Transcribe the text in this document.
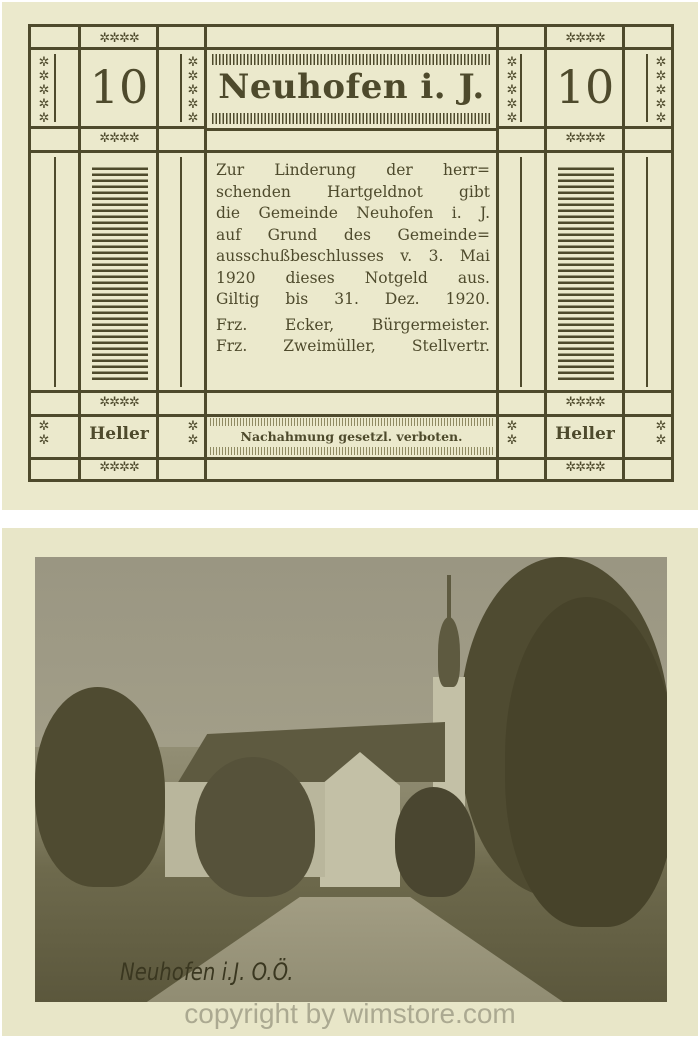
✲✲✲✲
✲✲✲✲
✲✲✲✲
✲✲✲✲
✲✲✲✲
✲✲✲✲
✲✲✲✲
✲✲✲✲
✲
✲
✲
✲
✲
✲
✲
✲
✲
✲
✲
✲
✲
✲
✲
✲
✲
✲
✲
✲
✲
✲
✲
✲
✲
✲
✲
✲
10	10
Neuhofen i. J.
Zur Linderung der herr=
schenden Hartgeldnot gibt
die Gemeinde Neuhofen i. J.
auf Grund des Gemeinde=
ausschußbeschlusses v. 3. Mai
1920 dieses Notgeld aus.
Giltig bis 31. Dez. 1920.
Frz. Ecker, Bürgermeister.
Frz. Zweimüller, Stellvertr.
Heller	Heller
Nachahmung gesetzl. verboten.
Neuhofen i.J. O.Ö.
copyright by wimstore.com
